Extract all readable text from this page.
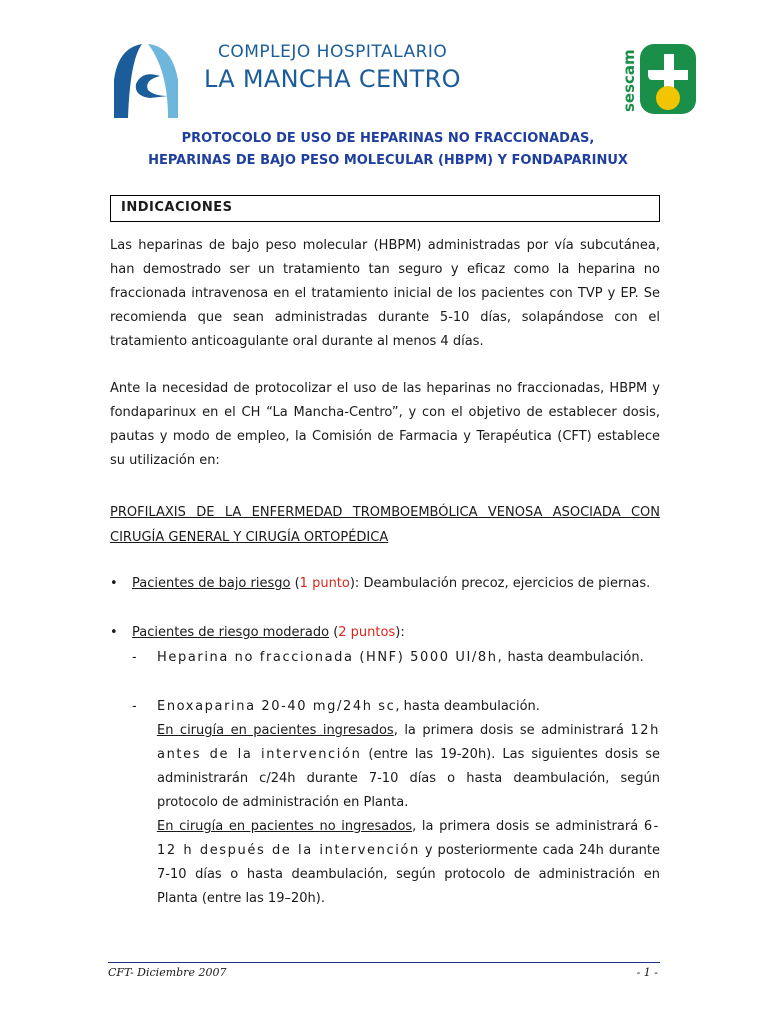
COMPLEJO HOSPITALARIO
LA MANCHA CENTRO	sescam
PROTOCOLO DE USO DE HEPARINAS NO FRACCIONADAS,
HEPARINAS DE BAJO PESO MOLECULAR (HBPM) Y FONDAPARINUX
INDICACIONES
Las heparinas de bajo peso molecular (HBPM) administradas por vía subcutánea, han demostrado ser un tratamiento tan seguro y eficaz como la heparina no fraccionada intravenosa en el tratamiento inicial de los pacientes con TVP y EP. Se recomienda que sean administradas durante 5-10 días, solapándose con el tratamiento anticoagulante oral durante al menos 4 días.
Ante la necesidad de protocolizar el uso de las heparinas no fraccionadas, HBPM y fondaparinux en el CH “La Mancha-Centro”, y con el objetivo de establecer dosis, pautas y modo de empleo, la Comisión de Farmacia y Terapéutica (CFT) establece su utilización en:
PROFILAXIS DE LA ENFERMEDAD TROMBOEMBÓLICA VENOSA ASOCIADA CON CIRUGÍA GENERAL Y CIRUGÍA ORTOPÉDICA
• Pacientes de bajo riesgo (1 punto): Deambulación precoz, ejercicios de piernas.
• Pacientes de riesgo moderado (2 puntos):
- Heparina no fraccionada (HNF) 5000 UI/8h, hasta deambulación.
- Enoxaparina 20-40 mg/24h sc, hasta deambulación.
En cirugía en pacientes ingresados, la primera dosis se administrará 12h antes de la intervención (entre las 19-20h). Las siguientes dosis se administrarán c/24h durante 7-10 días o hasta deambulación, según protocolo de administración en Planta.
En cirugía en pacientes no ingresados, la primera dosis se administrará 6-12 h después de la intervención y posteriormente cada 24h durante 7-10 días o hasta deambulación, según protocolo de administración en Planta (entre las 19–20h).
CFT- Diciembre 2007	- 1 -
